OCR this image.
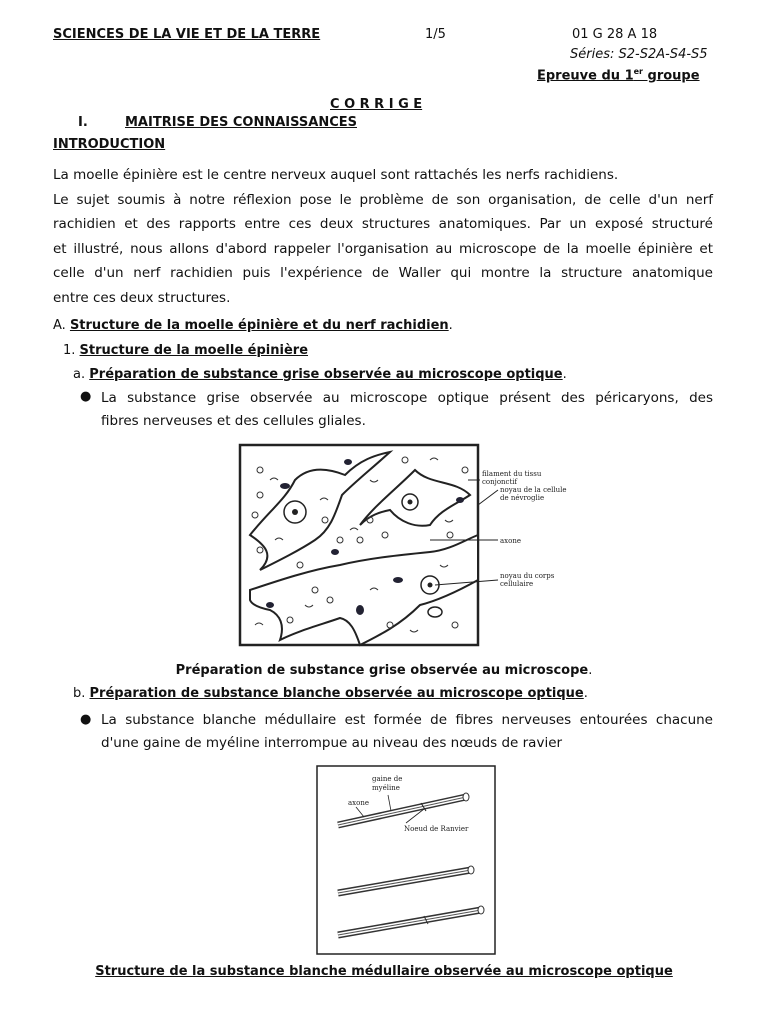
SCIENCES DE LA VIE ET DE LA TERRE	1/5	01 G 28 A 18
Séries: S2-S2A-S4-S5
Epreuve du 1er groupe
C O R R I G E
I.	MAITRISE DES CONNAISSANCES
INTRODUCTION
La moelle épinière est le centre nerveux auquel sont rattachés les nerfs rachidiens.
Le sujet soumis à notre réflexion pose le problème de son organisation, de celle d'un nerf
rachidien et des rapports entre ces deux structures anatomiques. Par un exposé structuré
et illustré, nous allons d'abord rappeler l'organisation au microscope de la moelle épinière et
celle d'un nerf rachidien puis l'expérience de Waller qui montre la structure anatomique
entre ces deux structures.
A. Structure de la moelle épinière et du nerf rachidien.
1. Structure de la moelle épinière
a. Préparation de substance grise observée au microscope optique.
● La substance grise observée au microscope optique présent des péricaryons, des
fibres nerveuses et des cellules gliales.
filament du tissu
conjonctif
noyau de la cellule
de névroglie
axone
noyau du corps
cellulaire
Préparation de substance grise observée au microscope.
b. Préparation de substance blanche observée au microscope optique.
● La substance blanche médullaire est formée de fibres nerveuses entourées chacune
d'une gaine de myéline interrompue au niveau des nœuds de ravier
gaine de
myéline
axone
Noeud de Ranvier
Structure de la substance blanche médullaire observée au microscope optique
